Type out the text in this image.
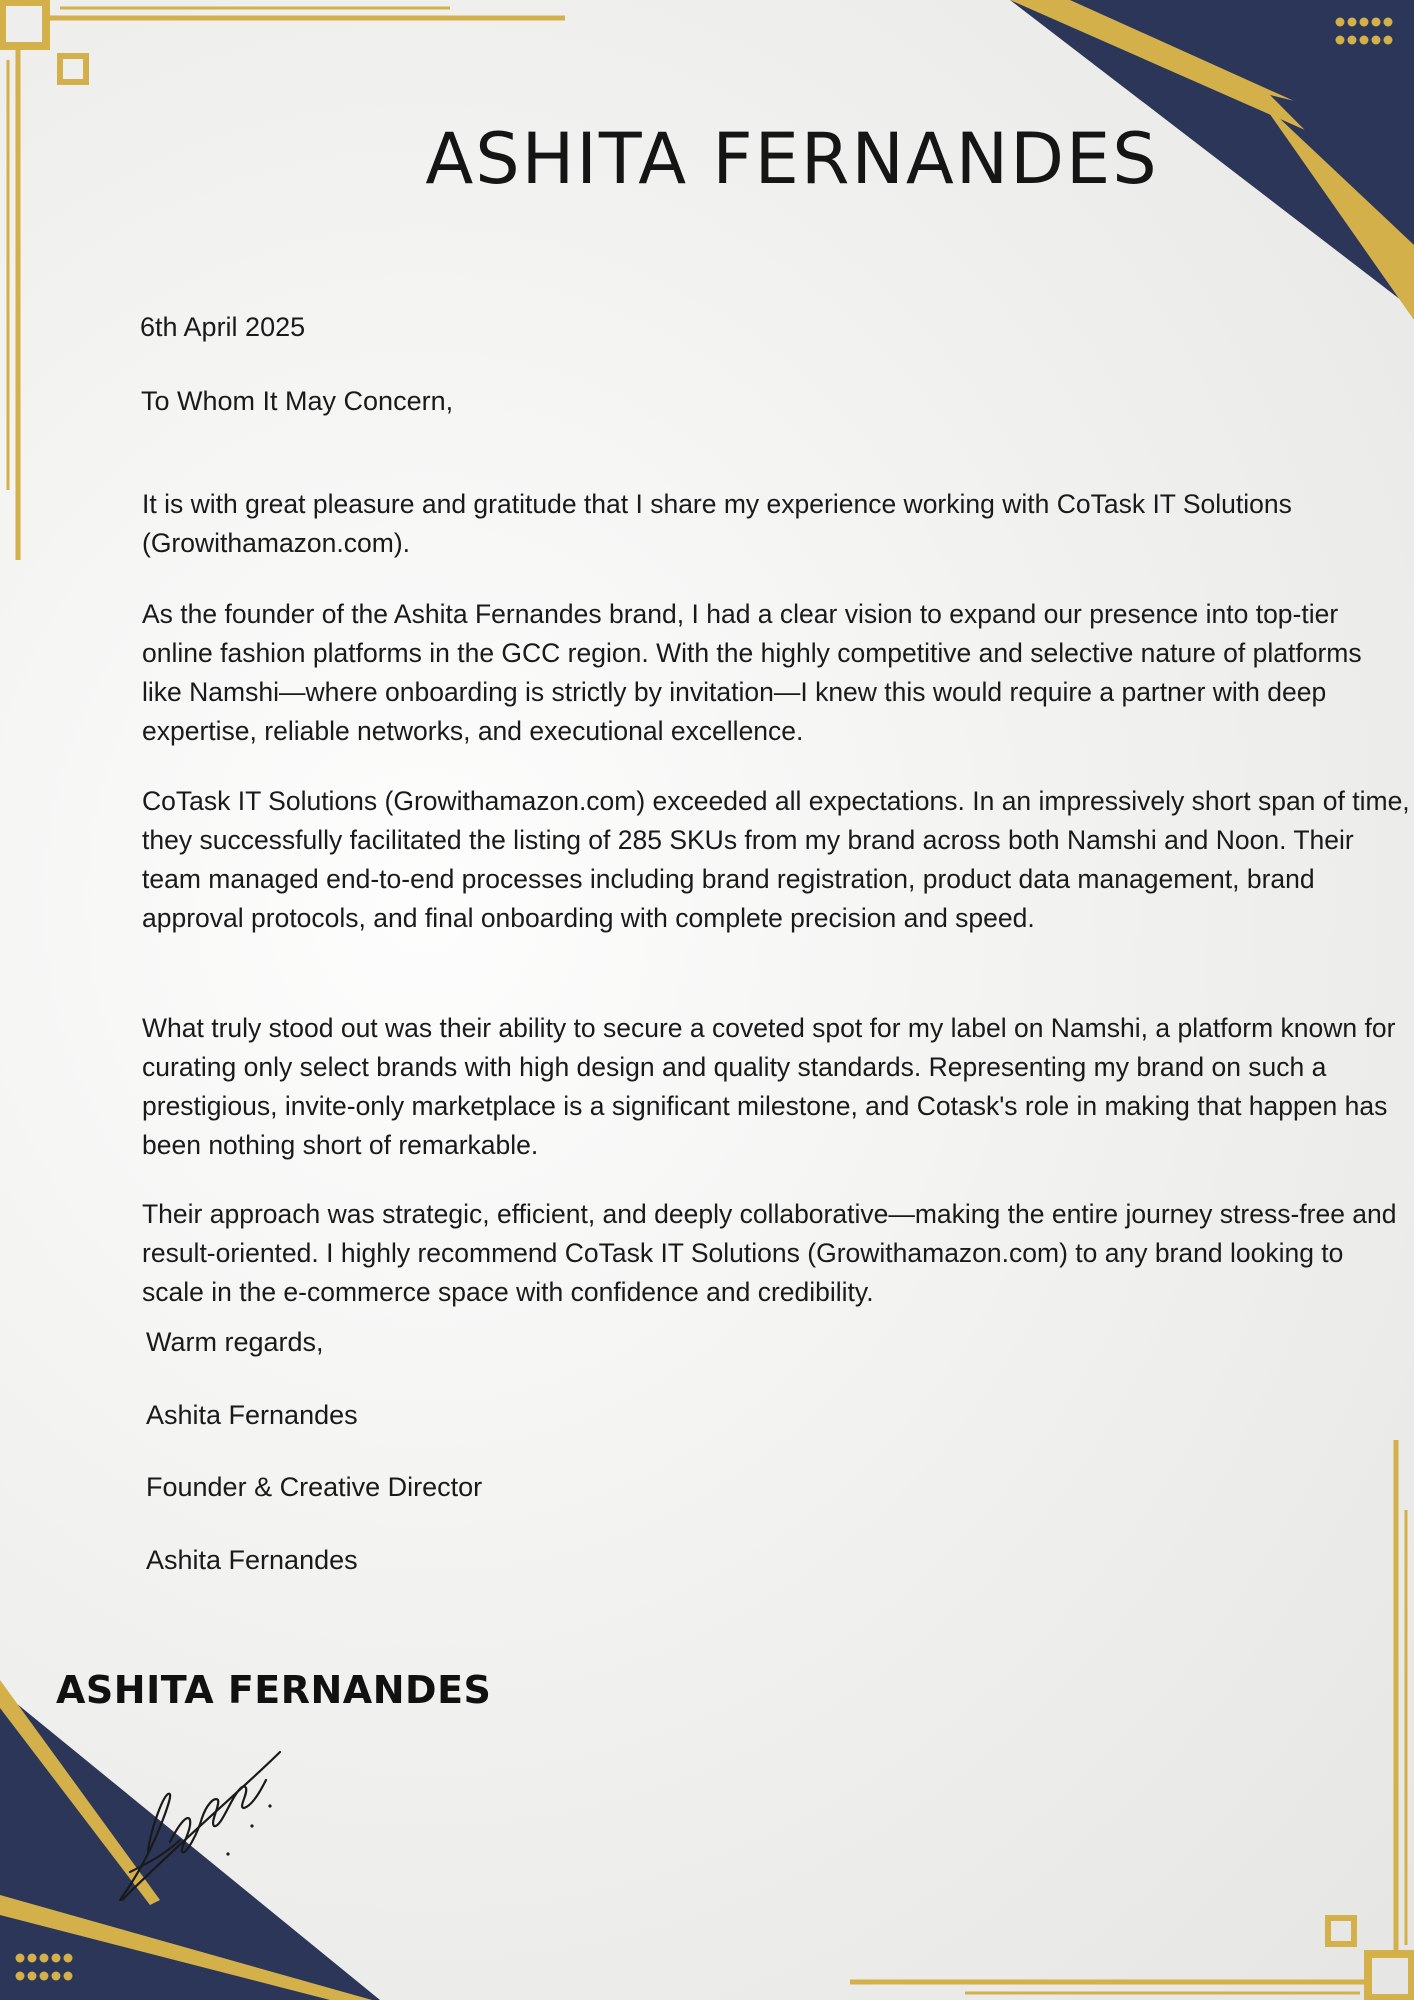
ASHITA FERNANDES
6th April 2025
To Whom It May Concern,

It is with great pleasure and gratitude that I share my experience working with CoTask IT Solutions (Growithamazon.com).

As the founder of the Ashita Fernandes brand, I had a clear vision to expand our presence into top-tier online fashion platforms in the GCC region. With the highly competitive and selective nature of platforms like Namshi—where onboarding is strictly by invitation—I knew this would require a partner with deep expertise, reliable networks, and executional excellence.

CoTask IT Solutions (Growithamazon.com) exceeded all expectations. In an impressively short span of time, they successfully facilitated the listing of 285 SKUs from my brand across both Namshi and Noon. Their team managed end-to-end processes including brand registration, product data management, brand approval protocols, and final onboarding with complete precision and speed.

What truly stood out was their ability to secure a coveted spot for my label on Namshi, a platform known for curating only select brands with high design and quality standards. Representing my brand on such a prestigious, invite-only marketplace is a significant milestone, and Cotask's role in making that happen has been nothing short of remarkable.

Their approach was strategic, efficient, and deeply collaborative—making the entire journey stress-free and result-oriented. I highly recommend CoTask IT Solutions (Growithamazon.com) to any brand looking to scale in the e-commerce space with confidence and credibility.

Warm regards,
Ashita Fernandes
Founder & Creative Director
Ashita Fernandes
ASHITA FERNANDES
